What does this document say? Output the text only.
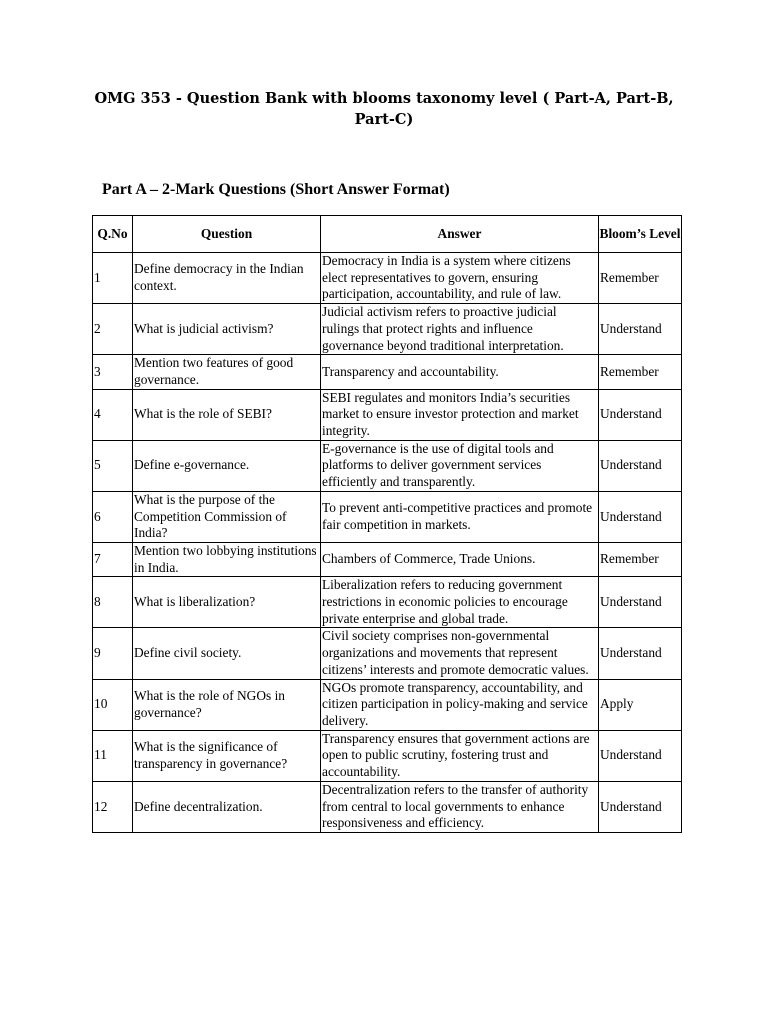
OMG 353 - Question Bank with blooms taxonomy level ( Part-A, Part-B, Part-C)
Part A – 2-Mark Questions (Short Answer Format)
Q.No	Question	Answer	Bloom’s Level
1	Define democracy in the Indian context.	Democracy in India is a system where citizens elect representatives to govern, ensuring participation, accountability, and rule of law.	Remember
2	What is judicial activism?	Judicial activism refers to proactive judicial rulings that protect rights and influence governance beyond traditional interpretation.	Understand
3	Mention two features of good governance.	Transparency and accountability.	Remember
4	What is the role of SEBI?	SEBI regulates and monitors India’s securities market to ensure investor protection and market integrity.	Understand
5	Define e-governance.	E-governance is the use of digital tools and platforms to deliver government services efficiently and transparently.	Understand
6	What is the purpose of the Competition Commission of India?	To prevent anti-competitive practices and promote fair competition in markets.	Understand
7	Mention two lobbying institutions in India.	Chambers of Commerce, Trade Unions.	Remember
8	What is liberalization?	Liberalization refers to reducing government restrictions in economic policies to encourage private enterprise and global trade.	Understand
9	Define civil society.	Civil society comprises non-governmental organizations and movements that represent citizens’ interests and promote democratic values.	Understand
10	What is the role of NGOs in governance?	NGOs promote transparency, accountability, and citizen participation in policy-making and service delivery.	Apply
11	What is the significance of transparency in governance?	Transparency ensures that government actions are open to public scrutiny, fostering trust and accountability.	Understand
12	Define decentralization.	Decentralization refers to the transfer of authority from central to local governments to enhance responsiveness and efficiency.	Understand
